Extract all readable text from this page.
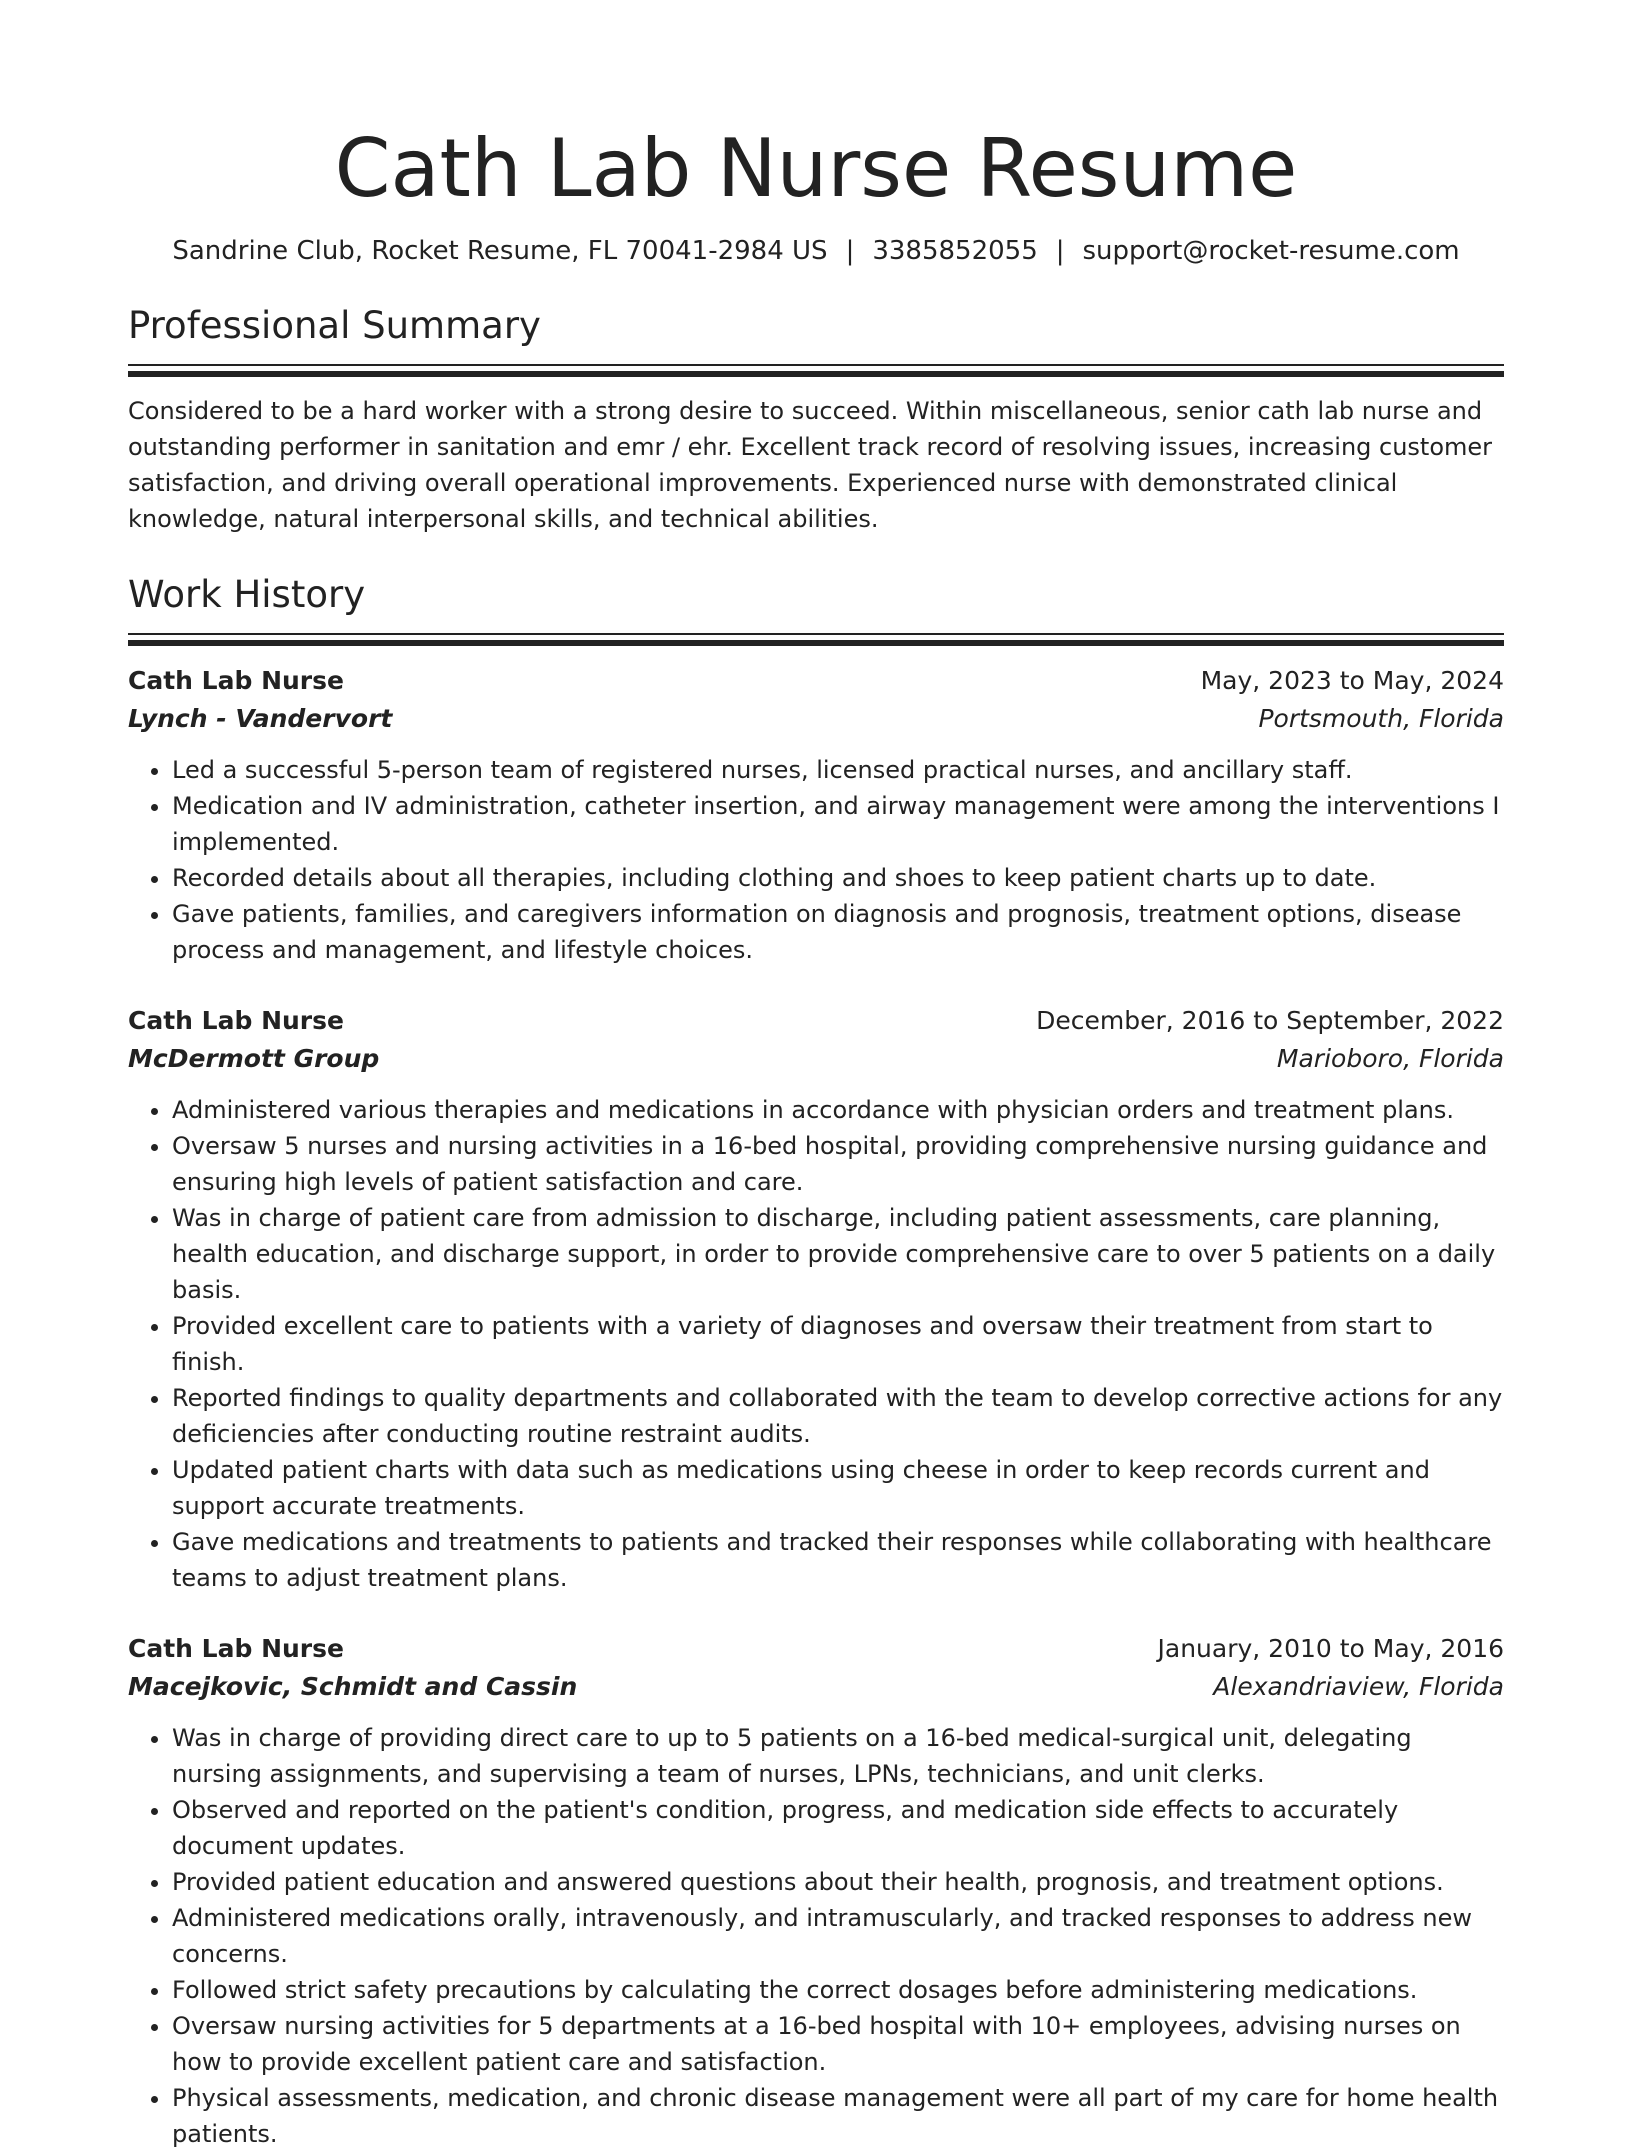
Cath Lab Nurse Resume
Sandrine Club, Rocket Resume, FL 70041-2984 US | 3385852055 | support@rocket-resume.com
Professional Summary

Considered to be a hard worker with a strong desire to succeed. Within miscellaneous, senior cath lab nurse and outstanding performer in sanitation and emr / ehr. Excellent track record of resolving issues, increasing customer satisfaction, and driving overall operational improvements. Experienced nurse with demonstrated clinical knowledge, natural interpersonal skills, and technical abilities.

Work History
Cath Lab Nurse	May, 2023 to May, 2024
Lynch - Vandervort	Portsmouth, Florida
• Led a successful 5-person team of registered nurses, licensed practical nurses, and ancillary staff.
• Medication and IV administration, catheter insertion, and airway management were among the interventions I implemented.
• Recorded details about all therapies, including clothing and shoes to keep patient charts up to date.
• Gave patients, families, and caregivers information on diagnosis and prognosis, treatment options, disease process and management, and lifestyle choices.
Cath Lab Nurse	December, 2016 to September, 2022
McDermott Group	Marioboro, Florida
• Administered various therapies and medications in accordance with physician orders and treatment plans.
• Oversaw 5 nurses and nursing activities in a 16-bed hospital, providing comprehensive nursing guidance and ensuring high levels of patient satisfaction and care.
• Was in charge of patient care from admission to discharge, including patient assessments, care planning, health education, and discharge support, in order to provide comprehensive care to over 5 patients on a daily basis.
• Provided excellent care to patients with a variety of diagnoses and oversaw their treatment from start to finish.
• Reported findings to quality departments and collaborated with the team to develop corrective actions for any deficiencies after conducting routine restraint audits.
• Updated patient charts with data such as medications using cheese in order to keep records current and support accurate treatments.
• Gave medications and treatments to patients and tracked their responses while collaborating with healthcare teams to adjust treatment plans.
Cath Lab Nurse	January, 2010 to May, 2016
Macejkovic, Schmidt and Cassin	Alexandriaview, Florida
• Was in charge of providing direct care to up to 5 patients on a 16-bed medical-surgical unit, delegating nursing assignments, and supervising a team of nurses, LPNs, technicians, and unit clerks.
• Observed and reported on the patient's condition, progress, and medication side effects to accurately document updates.
• Provided patient education and answered questions about their health, prognosis, and treatment options.
• Administered medications orally, intravenously, and intramuscularly, and tracked responses to address new concerns.
• Followed strict safety precautions by calculating the correct dosages before administering medications.
• Oversaw nursing activities for 5 departments at a 16-bed hospital with 10+ employees, advising nurses on how to provide excellent patient care and satisfaction.
• Physical assessments, medication, and chronic disease management were all part of my care for home health patients.
